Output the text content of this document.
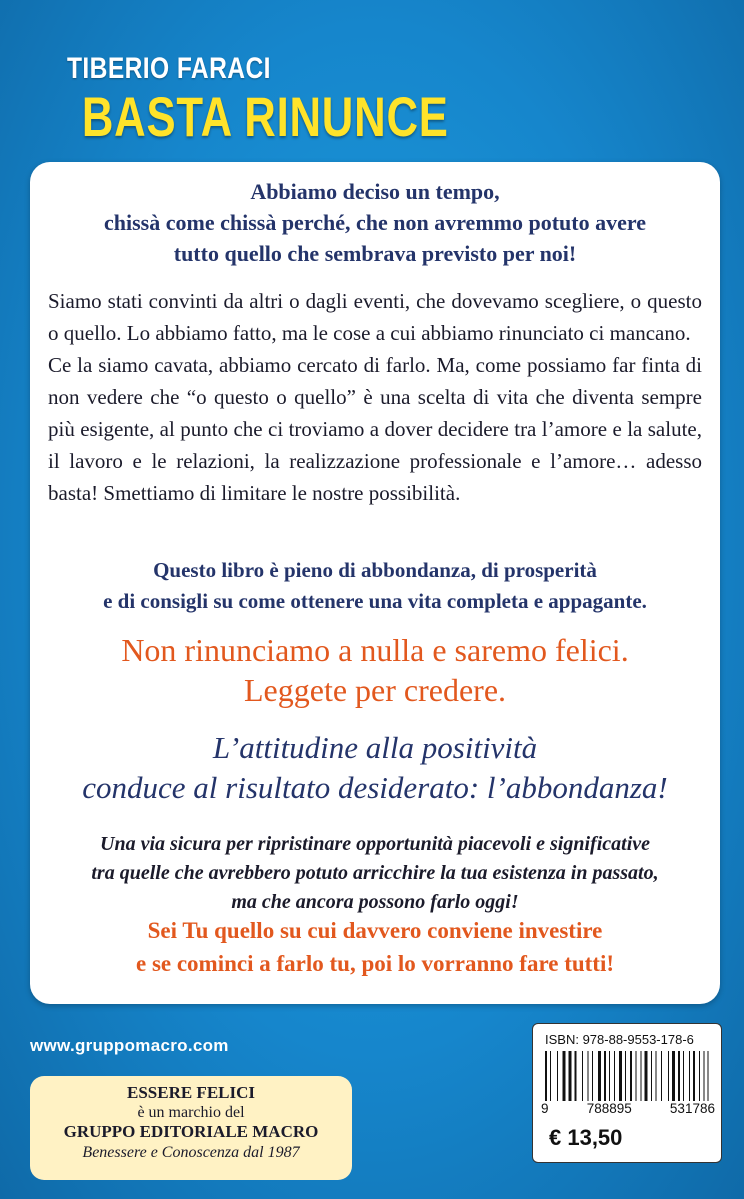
TIBERIO FARACI
BASTA RINUNCE
Abbiamo deciso un tempo,
chissà come chissà perché, che non avremmo potuto avere
tutto quello che sembrava previsto per noi!

Siamo stati convinti da altri o dagli eventi, che dovevamo scegliere, o questo o quello. Lo abbiamo fatto, ma le cose a cui abbiamo rinunciato ci mancano.

Ce la siamo cavata, abbiamo cercato di farlo. Ma, come possiamo far finta di non vedere che “o questo o quello” è una scelta di vita che diventa sempre più esigente, al punto che ci troviamo a dover decidere tra l’amore e la salute, il lavoro e le relazioni, la realizzazione professionale e l’amore… adesso basta! Smettiamo di limitare le nostre possibilità.

Questo libro è pieno di abbondanza, di prosperità
e di consigli su come ottenere una vita completa e appagante.
Non rinunciamo a nulla e saremo felici.
Leggete per credere.
L’attitudine alla positività
conduce al risultato desiderato: l’abbondanza!
Una via sicura per ripristinare opportunità piacevoli e significative
tra quelle che avrebbero potuto arricchire la tua esistenza in passato,
ma che ancora possono farlo oggi!
Sei Tu quello su cui davvero conviene investire
e se cominci a farlo tu, poi lo vorranno fare tutti!
www.gruppomacro.com
ESSERE FELICI
è un marchio del
GRUPPO EDITORIALE MACRO
Benessere e Conoscenza dal 1987
ISBN: 978-88-9553-178-6
9	788895	531786
€ 13,50
